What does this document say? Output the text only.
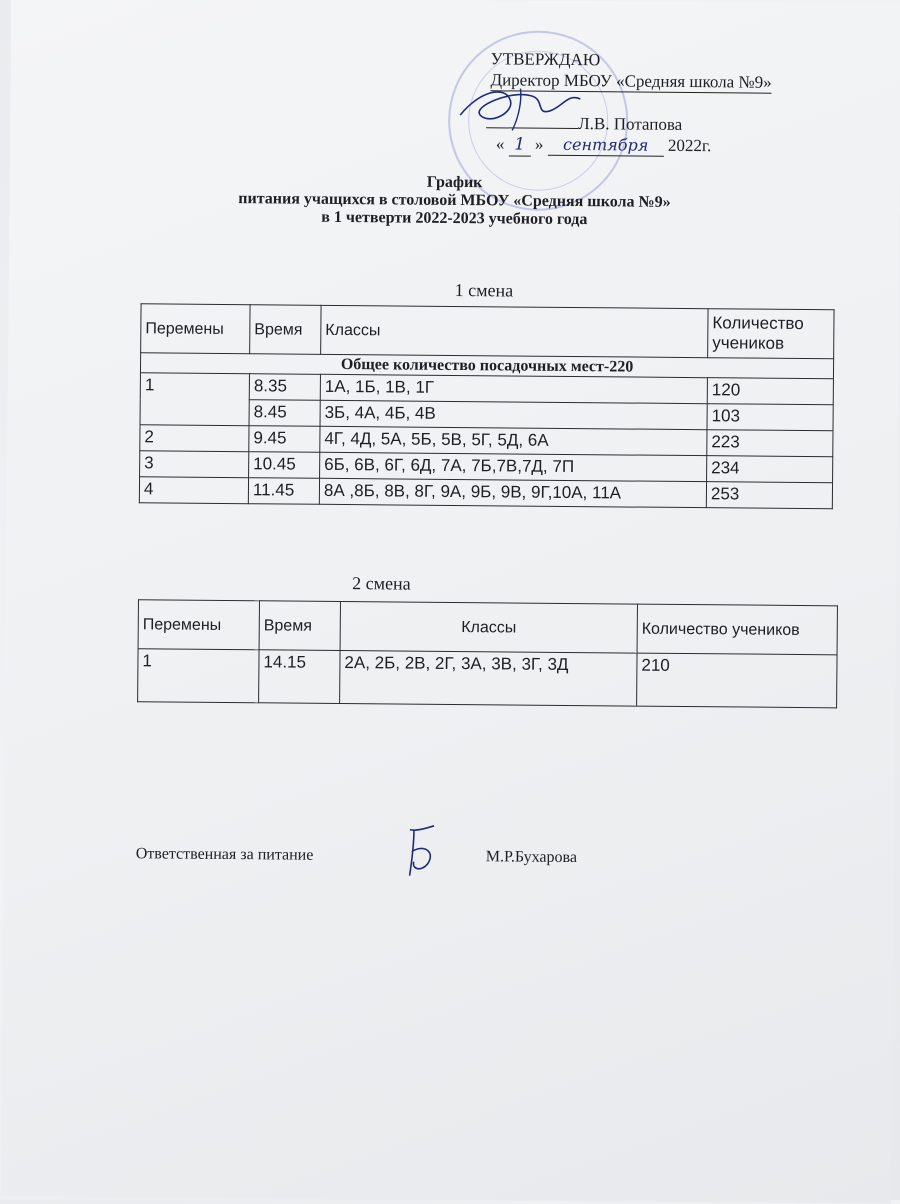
УТВЕРЖДАЮ
Директор МБОУ «Средняя школа №9»
Л.В. Потапова
« 1 » сентября 2022г.
График
питания учащихся в столовой МБОУ «Средняя школа №9»
в 1 четверти 2022-2023 учебного года
1 смена
Перемены	Время	Классы	Количество учеников
Общее количество посадочных мест-220			
1	8.35	1А, 1Б, 1В, 1Г	120
	8.45	3Б, 4А, 4Б, 4В	103
2	9.45	4Г, 4Д, 5А, 5Б, 5В, 5Г, 5Д, 6А	223
3	10.45	6Б, 6В, 6Г, 6Д, 7А, 7Б,7В,7Д, 7П	234
4	11.45	8А ,8Б, 8В, 8Г, 9А, 9Б, 9В, 9Г,10А, 11А	253
2 смена
Перемены	Время	Классы	Количество учеников
1	14.15	2А, 2Б, 2В, 2Г, 3А, 3В, 3Г, 3Д	210
Ответственная за питание	М.Р.Бухарова
